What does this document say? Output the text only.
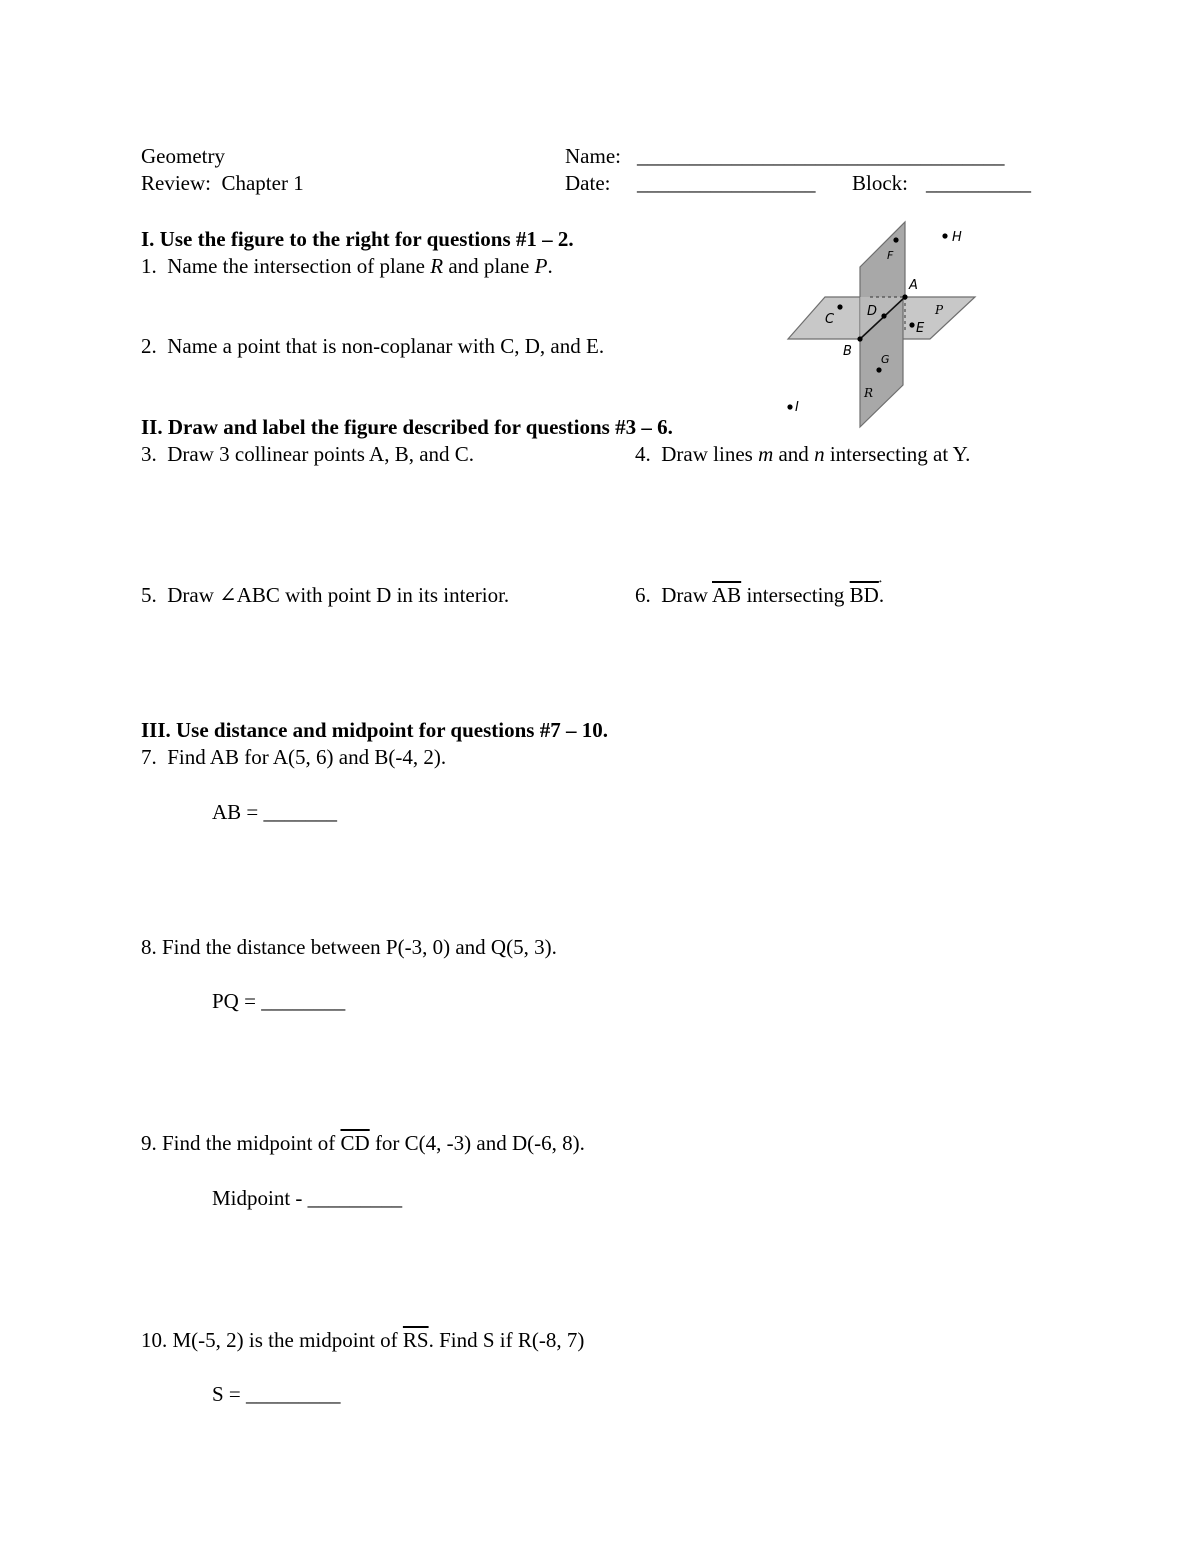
Geometry
Review:  Chapter 1
Name: ___________________________________
Date: _________________ Block: __________
I. Use the figure to the right for questions #1 – 2.
1.  Name the intersection of plane R and plane P.
2.  Name a point that is non-coplanar with C, D, and E.
A
B
C
D
E
F
G
H
I
P
R
II. Draw and label the figure described for questions #3 – 6.
3.  Draw 3 collinear points A, B, and C.	4.  Draw lines m and n intersecting at Y.
5.  Draw ∠ABC with point D in its interior.	6.  Draw $\overline{AB}$ intersecting $\overline{BD}$
→
.
III. Use distance and midpoint for questions #7 – 10.
7.  Find AB for A(5, 6) and B(-4, 2).
AB = _______
8. Find the distance between P(-3, 0) and Q(5, 3).
PQ = ________
9. Find the midpoint of $\overline{CD}$ for C(4, -3) and D(-6, 8).
Midpoint - _________
10. M(-5, 2) is the midpoint of $\overline{RS}$. Find S if R(-8, 7)
S = _________
